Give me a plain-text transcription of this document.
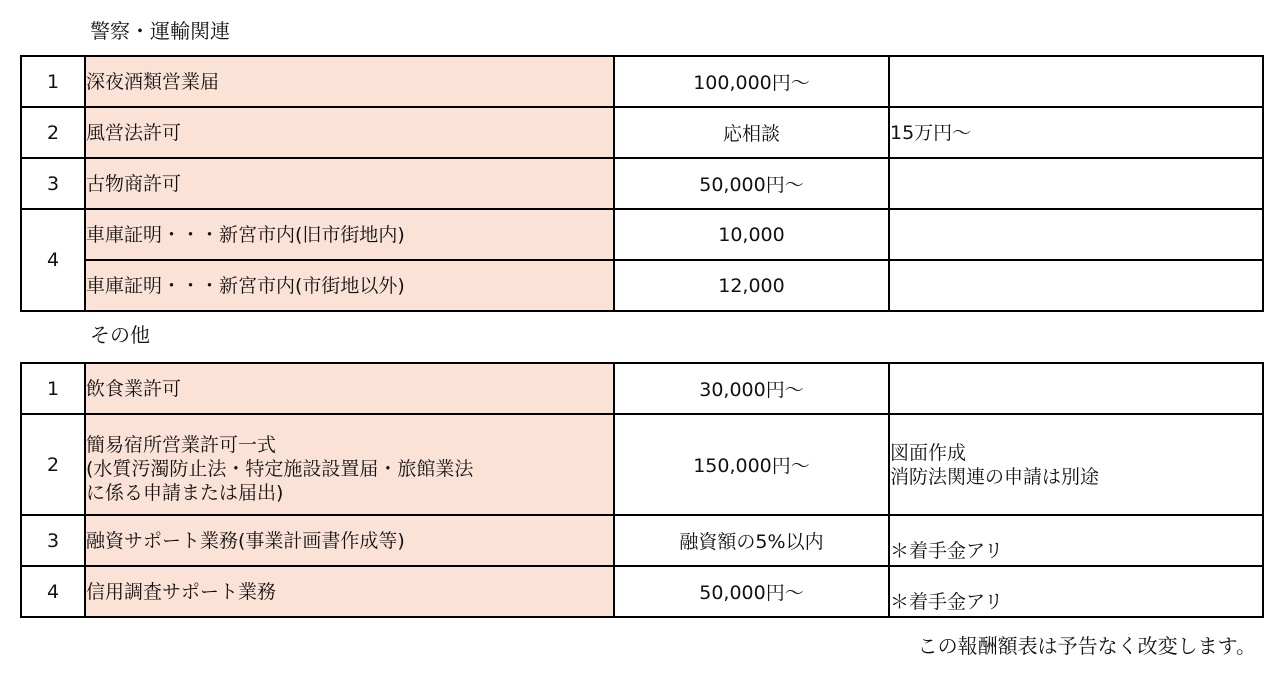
警察・運輸関連
1	深夜酒類営業届	100,000円～	
2	風営法許可	応相談	15万円～
3	古物商許可	50,000円～	
4	車庫証明・・・新宮市内(旧市街地内)	10,000	
	車庫証明・・・新宮市内(市街地以外)	12,000	
その他
1	飲食業許可	30,000円～	
2	簡易宿所営業許可一式
(水質汚濁防止法・特定施設設置届・旅館業法
に係る申請または届出)	150,000円～	図面作成
消防法関連の申請は別途

3	融資サポート業務(事業計画書作成等)	融資額の5%以内	＊着手金アリ
4	信用調査サポート業務	50,000円～	＊着手金アリ
この報酬額表は予告なく改変します。
